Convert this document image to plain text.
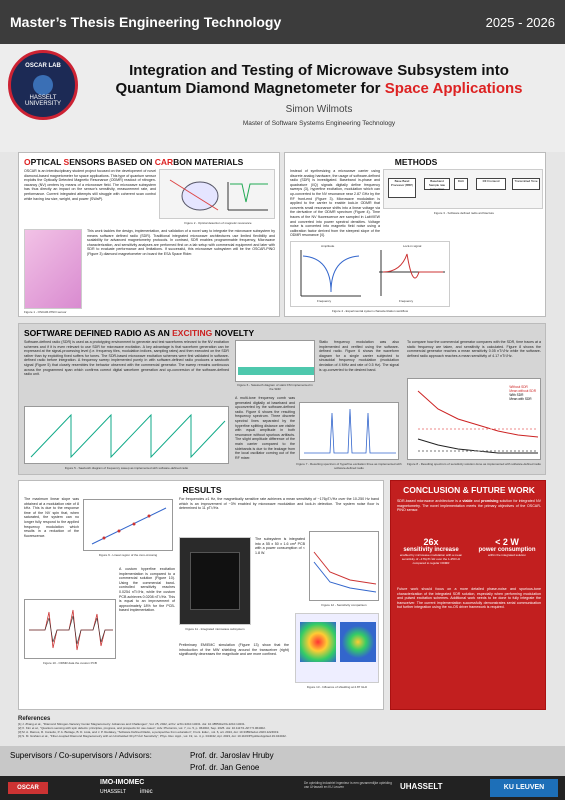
Master’s Thesis Engineering Technology	2025 - 2026
OSCAR LAB
HASSELT UNIVERSITY
Integration and Testing of Microwave Subsystem into
Quantum Diamond Magnetometer for Space Applications
Simon Wilmots
Master of Software Systems Engineering Technology
OPTICAL SENSORS BASED ON CARBON MATERIALS
OSCAR is an interdisciplinary student project focused on the development of novel diamond-based magnetometer for space applications. This type of quantum sensor exploits the Optically Detected Magnetic Resonance (ODMR) readout of nitrogen-vacancy (NV) centers by means of a microwave field. The microwave subsystem has thus directly an impact on the sensor's sensitivity, measurement rate, and performance. Current integrated attempts still struggle with coherent scan control while having low size, weight, and power (SWaP).
Figure 2 - Optical detection of magnetic resonance
Figure 1 - OSCAR-PINO sensor
This work tackles the design, implementation, and validation of a novel way to integrate the microwave subsystem by means software defined radio (SDR). Traditional integrated microwave architectures use limited flexibility and scalability for advanced magnetometry protocols. In contrast, SDR enables programmable frequency, Microwave characterization, and sensitivity analyses are performed first on a lab setup with commercial equipment and later with SDR to evaluate performance and limitations. If successful, this microwave subsystem will be the OSCAR-PINO (Figure 3) diamond magnetometer on board the ESA Space Rider.
METHODS
Base Band Processor (BBP)
Baseband Sample rate conversion
DAC	RF Frontend	Transmitted Tone
Figure 3 - Software defined radio architecture
Instead of synthesizing a microwave carrier using discrete analog hardware, the usage of software-defined radio (SDR) is investigated. Baseband in-phase and quadrature (I/Q) signals digitally define frequency sweeps (3), hyperfine excitation, modulation which can up-converted to the NV resonance near 2.87 GHz by the RF front-end (Figure 3). Microwave modulation is applied to the carrier to enable lock-in ODMR that converts small resonance shifts into a linear voltage via the derivative of the ODMR spectrum (Figure 4). Time traces of the NV fluorescence are sampled in LabVIEW and converted into power spectral densities. Voltage noise is converted into magnetic field noise using a calibration factor derived from the steepest slope of the ODMR resonance [4].
Frequency	Frequency
Amplitude	Lock-in signal
Figure 4 - Experimental system characterization workflow
SOFTWARE DEFINED RADIO AS AN EXCITING NOVELTY
Software-defined radio (SDR) is used as a prototyping environment to generate and test waveforms relevant to the NV excitation schemes and if it is even relevant to use SDR for microwave excitation. A key advantage is that waveform generation can be expressed at the signal-processing level (i.e. frequency tiles, modulation indices, sampling rates) and then executed on the SDR rather than by exploiting fixed suffers for tones. The SDR-based microwave excitation schemes were first validated in software-defined radio before integration. A frequency sweep implemented purely in with software-defined radio produces a sawtooth signal (Figure 5) that closely resembles the behavior observed with the commercial generator. The sweep remains continuous across the programmed span which confirms correct digital waveform generation and up-conversion of the software-defined radio unit.
Figure 5 - Sawtooth diagram of frequency sweep as implemented with software-defined radio
Figure 6 - Sawtooth diagram of static FM implemented in the SDR
Static frequency modulation was also implemented and verified using the software-defined radio. Figure 6 shows the waveform diagram for a single carrier subjected to sinusoidal frequency modulation (modulation deviation of 4 MHz and rate of 0.5 Hz). The signal is up-converted to the desired band.
A multi-tone frequency comb was generated digitally at baseband and upconverted by the software-defined radio. Figure 6 shows the resulting frequency spectrum. Three discrete spectral lines separated by the hyperfine splitting distance are visible with equal amplitude in both resonance without spurious artifacts. The slight amplitude difference of the main carrier compared to the sidebands is due to the leakage from the local oscillator coming out of the RF mixer.
Figure 7 - Resulting spectrum of hyperfine excitation three as implemented with software-defined radio
To compare how the commercial generator compares with the SDR, time traces at a static frequency are taken, and sensitivity is calculated. Figure 8 shows the commercial generator reaches a mean sensitivity 0.05 nT/√Hz while the software-defined radio approach reaches a mean sensitivity of 4.17 nT/√Hz.
Without SDR
Mean without SDR
With SDR
Mean with SDR
Figure 8 - Resulting spectrum of sensitivity solution done as implemented with software-defined radio
RESULTS
The maximum linear slope was obtained at a modulation rate of 8 kHz. This is due to the response time of the NV spin that, when saturated, the system can no longer fully respond to the applied frequency modulation which results in a reduction of the fluorescence.
Figure 9 - Linear region of the zero-crossing
Figure 10 - ODMR data the custom PCB
A custom hyperfine excitation implementation is compared to a commercial solution (Figure 10). Using the commercial band-controlled sensitivity reaches 0.0254 nT/√Hz, while the custom PCB achieves 0.0208 nT/√Hz. This is equal to an improvement of approximately 18% for the PCB-based implementation.
For frequencies ≥1 Hz, the magnetically sensitive rate achieves a mean sensitivity of ~176pT/√Hz over the 10-250 Hz band which is an improvement of ~3% enabled by microwave modulation and lock-in detection. The system noise floor is determined to 11 pT/√Hz.
Figure 11 - Integrated microwave subsystem
The subsystem is integrated into a 55 x 50 x 1.6 cm³ PCB with a power consumption of < 1.8 W.
Figure 12 - Sensitivity comparison
Preliminary EM/EMC simulation (Figure 13) show that the introduction of the MW shielding around the transceiver (right) significantly decreases the magnitude and are more confined.
Figure 13 - Influence of shielding at 2.87 GHz
CONCLUSION & FUTURE WORK
SDR-based microwave architecture is a viable and promising solution for integrated NV magnetometry. The novel implementation meets the primary objectives of the OSCAR-PINO sensor.
26x
sensitivity increase
enabled by microwave modulation with a mean sensitivity of ~176pT/√Hz over the 1-250 Hz compared to regular ODMR
< 2 W
power consumption
within the integrated solution
Future work should focus on a more detailed phase-noise and spurious-tone characterization of the integrated SDR solution, especially when performing modulation and pulsed excitation schemes. Additional work needs to be done to fully integrate the transceiver. The current implementation successfully demonstrates serial communication but further integration using the no-OS driver framework is required.
References
[1] J. Zhang et al., "Diamond Nitrogen-Vacancy Center Magnetometry: Advances and Challenges", Vol. 25, 2022, arXiv: arXiv:2210.13231. doi: 10.48550/arXiv.2210.13231.
[2] X. Kim et al., "Quantum sensing with spin defects: principles, progress, and prospects for use cases", Adv. Photonics, vol. 7, no. 5, p. 064002, Sep. 2025. doi: 10.1117/1.AP.7.5.064002.
[3] M. A. Ramos, R. Coraolio, P. A. Buttage, B. D. Lista, and J. P. Redakey, "Software Defined Radio, a perspective from education", Front. Educ., vol. 6, art. 2024, doi: 10.3389/feduc.2023.1224619.
[4] S. M. Graham et al., "Fiber-coupled Diamond Magnetometry with an Unshielded 30 pT/√Hz Sensitivity", Phys. Rev. Appl., vol. 19, no. 4, p. 044042, Apr. 2023, doi: 10.1103/PhysRevApplied.19.044042.
Supervisors / Co-supervisors / Advisors:	Prof. dr. Jaroslav Hruby
Prof. dr. Jan Genoe
OSCAR
IMO-IMOMEC
UHASSELT imec
De opleiding industriel ingenieur is een gezamenlijke opleiding van UHasselt en KU Leuven	UHASSELT	KU LEUVEN
